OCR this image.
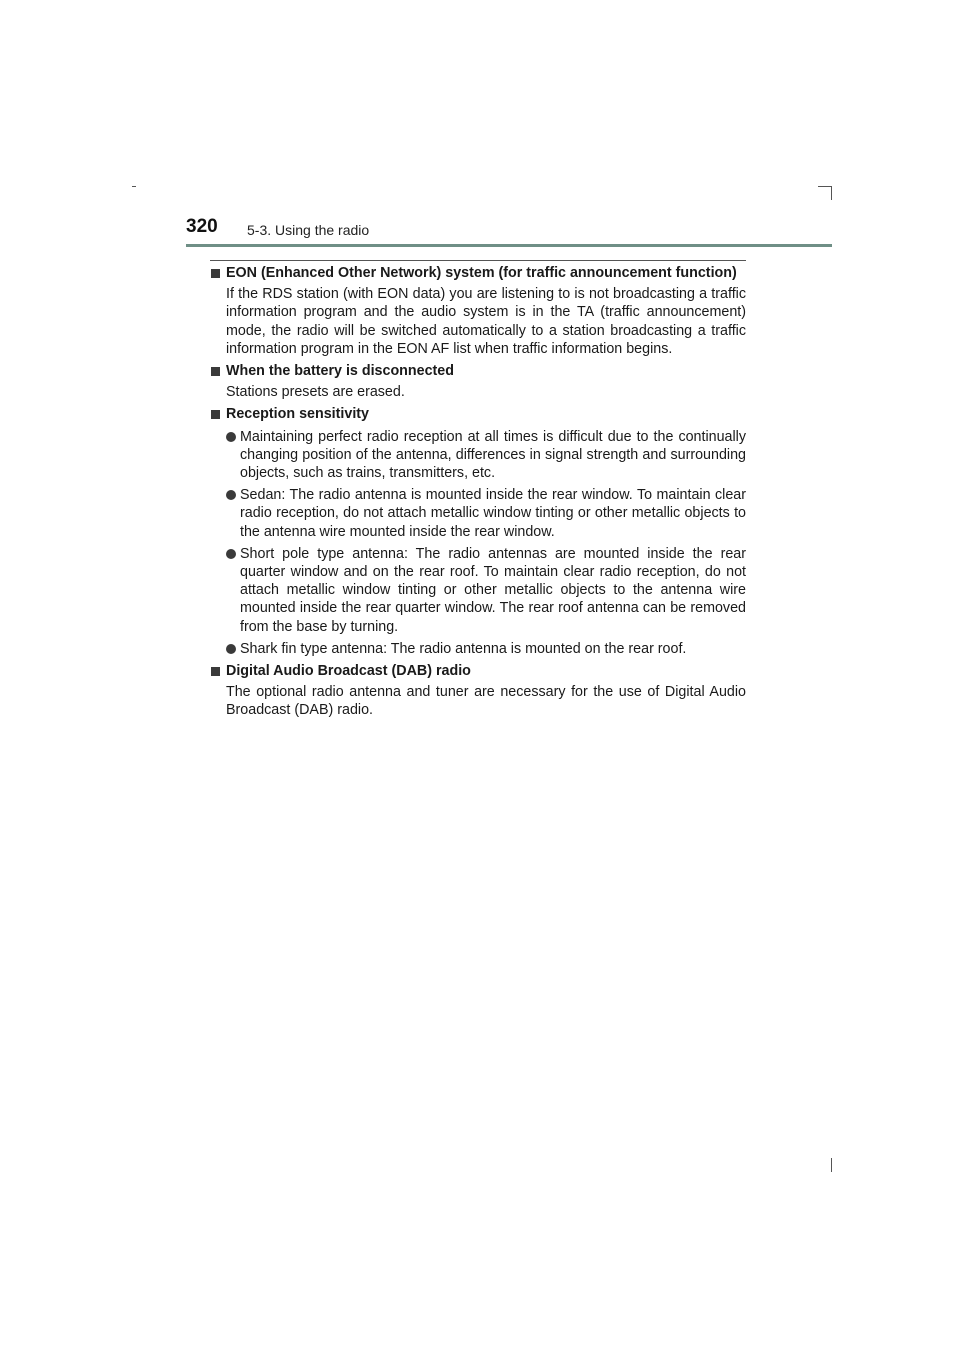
320 5-3. Using the radio
EON (Enhanced Other Network) system (for traffic announcement function)
If the RDS station (with EON data) you are listening to is not broadcasting a traffic information program and the audio system is in the TA (traffic announcement) mode, the radio will be switched automatically to a station broadcasting a traffic information program in the EON AF list when traffic information begins.
When the battery is disconnected
Stations presets are erased.
Reception sensitivity
Maintaining perfect radio reception at all times is difficult due to the continually changing position of the antenna, differences in signal strength and surrounding objects, such as trains, transmitters, etc.
Sedan: The radio antenna is mounted inside the rear window. To maintain clear radio reception, do not attach metallic window tinting or other metallic objects to the antenna wire mounted inside the rear window.
Short pole type antenna: The radio antennas are mounted inside the rear quarter window and on the rear roof. To maintain clear radio reception, do not attach metallic window tinting or other metallic objects to the antenna wire mounted inside the rear quarter window. The rear roof antenna can be removed from the base by turning.
Shark fin type antenna: The radio antenna is mounted on the rear roof.
Digital Audio Broadcast (DAB) radio
The optional radio antenna and tuner are necessary for the use of Digital Audio Broadcast (DAB) radio.
